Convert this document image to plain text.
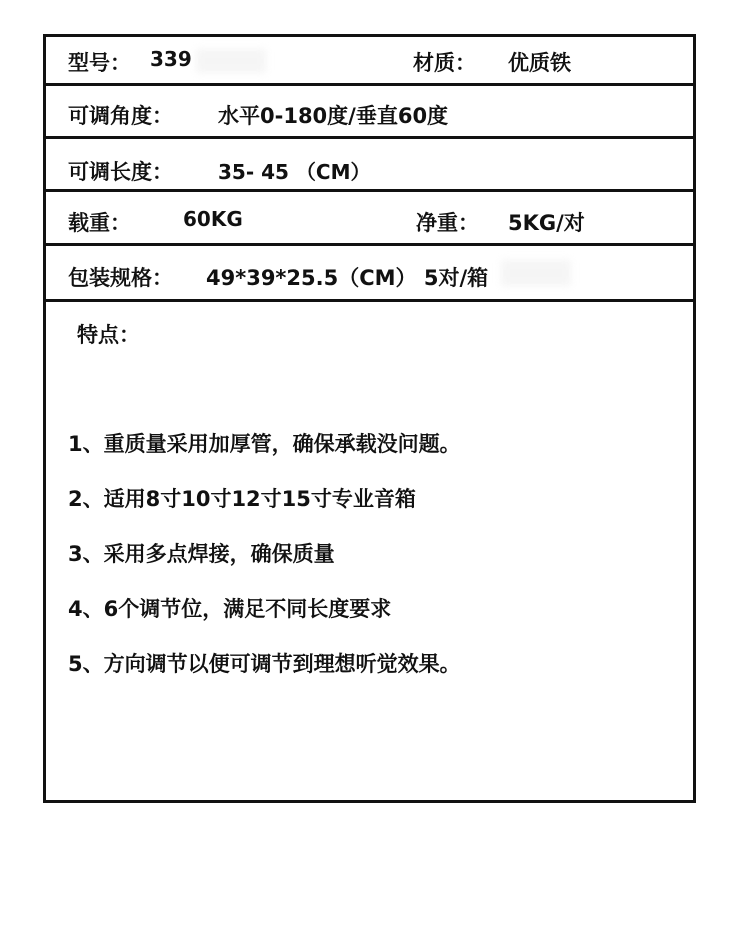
型号： 339	材质： 优质铁
可调角度： 水平0-180度/垂直60度
可调长度： 35- 45 （CM）
载重：	60KG	净重： 5KG/对
包装规格： 49*39*25.5（CM） 5对/箱
特点：
1、重质量采用加厚管，确保承载没问题。
2、适用8寸10寸12寸15寸专业音箱
3、采用多点焊接，确保质量
4、6个调节位，满足不同长度要求
5、方向调节以便可调节到理想听觉效果。
